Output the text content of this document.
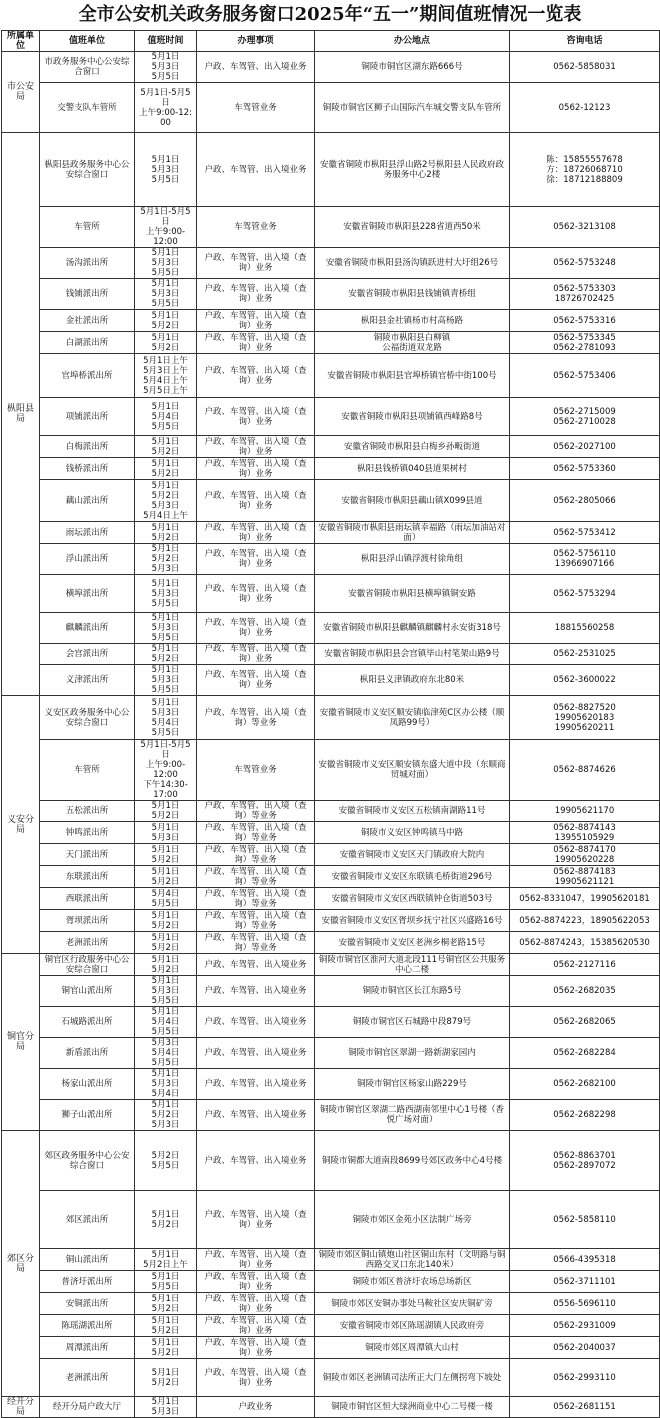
全市公安机关政务服务窗口2025年“五一”期间值班情况一览表
所属单位	值班单位	值班时间	办理事项	办公地点	咨询电话
市公安局	市政务服务中心公安综合窗口	5月1日
5月3日
5月5日	户政、车驾管、出入境业务	铜陵市铜官区湖东路666号	0562-5858031
	交警支队车管所	5月1日-5月5日
上午9:00-12:00	车驾管业务	铜陵市铜官区狮子山国际汽车城交警支队车管所	0562-12123
枞阳县局	枞阳县政务服务中心公安综合窗口	5月1日
5月3日
5月5日	户政、车驾管、出入境业务	安徽省铜陵市枞阳县浮山路2号枞阳县人民政府政务服务中心2楼	陈：15855557678
方：18726068710
徐：18712188809
	车管所	5月1日-5月5日
上午9:00-
12:00	车驾管业务	安徽省铜陵市枞阳县228省道西50米	0562-3213108
	汤沟派出所	5月1日
5月3日
5月5日	户政、车驾管、出入境（查询）业务	安徽省铜陵市枞阳县汤沟镇跃进村大圩组26号	0562-5753248
	钱铺派出所	5月1日
5月3日
5月5日	户政、车驾管、出入境（查询）业务	安徽省铜陵市枞阳县钱铺镇青桥组	0562-5753303
18726702425
	金社派出所	5月1日
5月2日	户政、车驾管、出入境（查询）业务	枞阳县金社镇杨市村高杨路	0562-5753316
	白湖派出所	5月1日
5月2日	户政、车驾管、出入境（查询）业务	铜陵市枞阳县白柳镇
公福街道双龙路	0562-5753345
0562-2781093
	官埠桥派出所	5月1日上午
5月3日上午
5月4日上午
5月5日上午	户政、车驾管、出入境（查询）业务	安徽省铜陵市枞阳县官埠桥镇官桥中街100号	0562-5753406
	项铺派出所	5月1日
5月4日
5月5日	户政、车驾管、出入境（查询）业务	安徽省铜陵市枞阳县项铺镇西峰路8号	0562-2715009
0562-2710028
	白梅派出所	5月1日
5月2日	户政、车驾管、出入境（查询）业务	安徽省铜陵市枞阳县白梅乡孙畈街道	0562-2027100
	钱桥派出所	5月1日
5月2日	户政、车驾管、出入境（查询）业务	枞阳县钱桥镇040县道果树村	0562-5753360
	藕山派出所	5月1日
5月2日
5月3日
5月4日上午	户政、车驾管、出入境（查询）业务	安徽省铜陵市枞阳县藕山镇X099县道	0562-2805066
	雨坛派出所	5月1日
5月2日	户政、车驾管、出入境（查询）业务	安徽省铜陵市枞阳县雨坛镇幸福路（雨坛加油站对面）	0562-5753412
	浮山派出所	5月1日
5月2日
5月3日	户政、车驾管、出入境（查询）业务	枞阳县浮山镇浮渡村徐角组	0562-5756110
13966907166
	横埠派出所	5月1日
5月3日
5月5日	户政、车驾管、出入境（查询）业务	安徽省铜陵市枞阳县横埠镇铜安路	0562-5753294
	麒麟派出所	5月1日
5月3日
5月5日	户政、车驾管、出入境（查询）业务	安徽省铜陵市枞阳县麒麟镇麒麟村永安街318号	18815560258
	会宫派出所	5月1日
5月2日	户政、车驾管、出入境（查询）业务	安徽省铜陵市枞阳县会宫镇毕山村笔架山路9号	0562-2531025
	义津派出所	5月1日
5月3日
5月5日	户政、车驾管、出入境（查询）业务	枞阳县义津镇政府东北80米	0562-3600022
义安分局	义安区政务服务中心公安综合窗口	5月1日
5月3日
5月4日
5月5日	户政、车驾管、出入境（查询）等业务	安徽省铜陵市义安区顺安镇临津苑C区办公楼（顺凤路99号）	0562-8827520
19905620183
19905620211
	车管所	5月1日-5月5日
上午9:00-
12:00
下午14:30-
17:00	车驾管业务	安徽省铜陵市义安区顺安镇东盛大道中段（东顺商贸城对面）	0562-8874626
	五松派出所	5月1日
5月2日	户政、车驾管、出入境（查询）等业务	安徽省铜陵市义安区五松镇南湖路11号	19905621170
	钟鸣派出所	5月1日
5月3日	户政、车驾管、出入境（查询）等业务	铜陵市义安区钟鸣镇马中路	0562-8874143
13955105929
	天门派出所	5月1日
5月2日	户政、车驾管、出入境（查询）等业务	安徽省铜陵市义安区天门镇政府大院内	0562-8874170
19905620228
	东联派出所	5月1日
5月2日	户政、车驾管、出入境（查询）等业务	安徽省铜陵市义安区东联镇毛桥街道296号	0562-8874183
19905621121
	西联派出所	5月4日
5月5日	户政、车驾管、出入境（查询）等业务	安徽省铜陵市义安区西联镇钟仓街道503号	0562-8331047，19905620181
	胥坝派出所	5月1日
5月2日	户政、车驾管、出入境（查询）等业务	安徽省铜陵市义安区胥坝乡抚宁社区兴盛路16号	0562-8874223，18905622053
	老洲派出所	5月1日
5月2日	户政、车驾管、出入境（查询）等业务	安徽省铜陵市义安区老洲乡桐老路15号	0562-8874243，15385620530
铜官分局	铜官区行政服务中心公安综合窗口	5月1日
5月2日	户政、车驾管、出入境业务	铜陵市铜官区淮河大道北段111号铜官区公共服务中心二楼	0562-2127116
	铜官山派出所	5月1日
5月3日
5月5日	户政、车驾管、出入境业务	铜陵市铜官区长江东路5号	0562-2682035
	石城路派出所	5月1日
5月4日
5月5日	户政、车驾管、出入境业务	铜陵市铜官区石城路中段879号	0562-2682065
	新盾派出所	5月3日
5月4日
5月5日	户政、车驾管、出入境业务	铜陵市铜官区翠湖一路新湖家园内	0562-2682284
	杨家山派出所	5月1日
5月3日
5月4日	户政、车驾管、出入境业务	铜陵市铜官区杨家山路229号	0562-2682100
	狮子山派出所	5月1日
5月2日
5月3日	户政、车驾管、出入境业务	铜陵市铜官区翠湖二路西湖南邻里中心1号楼（香悦广场对面）	0562-2682298
郊区分局	郊区政务服务中心公安综合窗口	5月2日
5月5日	户政、车驾管、出入境业务	铜陵市铜都大道南段8699号郊区政务中心4号楼	0562-8863701
0562-2897072
	郊区派出所	5月1日
5月2日	户政、车驾管、出入境（查询）业务	铜陵市郊区金苑小区法制广场旁	0562-5858110
	铜山派出所	5月1日
5月2日上午	户政、车驾管、出入境（查询）业务	铜陵市郊区铜山镇炮山社区铜山东村（文明路与铜西路交叉口东北140米）	0566-4395318
	普济圩派出所	5月1日
5月5日	户政、车驾管、出入境（查询）业务	铜陵市郊区普济圩农场总场新区	0562-3711101
	安铜派出所	5月1日
5月2日	户政、车驾管、出入境（查询）业务	铜陵市郊区安铜办事处马鞍社区安庆铜矿旁	0556-5696110
	陈瑶湖派出所	5月1日
5月2日	户政、车驾管、出入境（查询）业务	安徽省铜陵市郊区陈瑶湖镇人民政府旁	0562-2931009
	周潭派出所	5月1日
5月2日	户政、车驾管、出入境（查询）业务	铜陵市郊区周潭镇大山村	0562-2040037
	老洲派出所	5月1日
5月2日	户政、车驾管、出入境（查询）业务	铜陵市郊区老洲镇司法所正大门左侧拐弯下坡处	0562-2993110
经开分局	经开分局户政大厅	5月1日
5月3日	户政业务	铜陵市铜官区恒大绿洲商业中心二号楼一楼	0562-2681151
